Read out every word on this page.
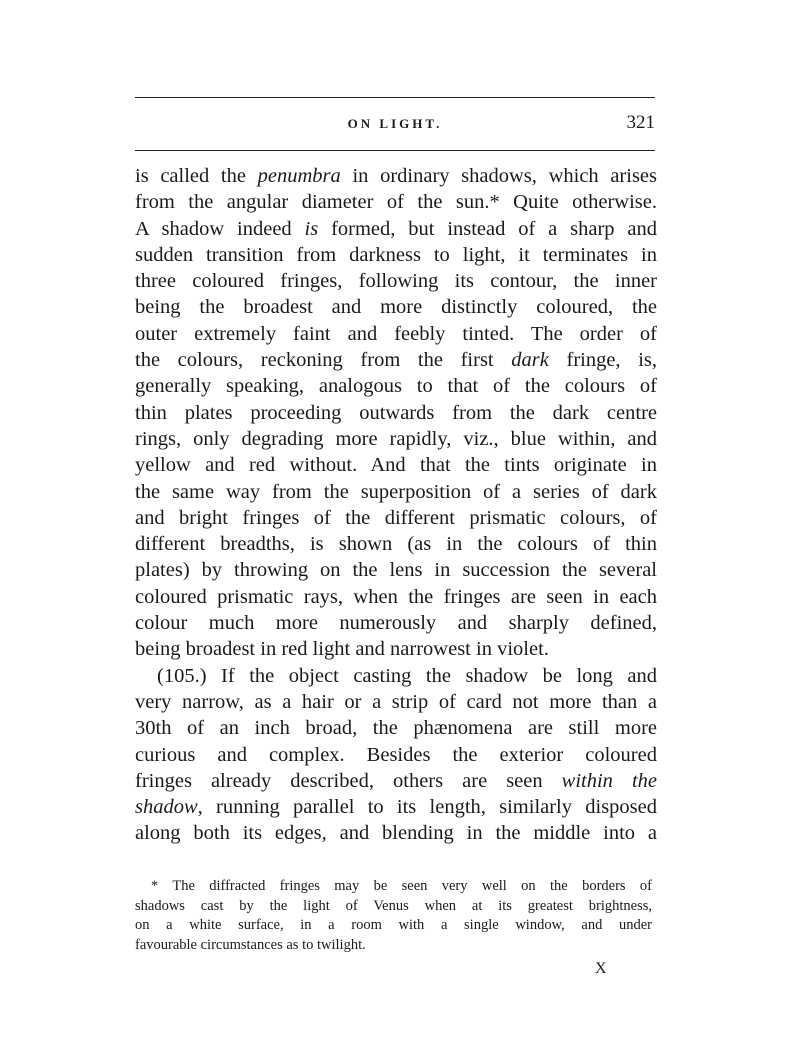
ON LIGHT.	321
is called the penumbra in ordinary shadows, which arises
from the angular diameter of the sun.* Quite otherwise.
A shadow indeed is formed, but instead of a sharp and
sudden transition from darkness to light, it terminates in
three coloured fringes, following its contour, the inner
being the broadest and more distinctly coloured, the
outer extremely faint and feebly tinted. The order of
the colours, reckoning from the first dark fringe, is,
generally speaking, analogous to that of the colours of
thin plates proceeding outwards from the dark centre
rings, only degrading more rapidly, viz., blue within, and
yellow and red without. And that the tints originate in
the same way from the superposition of a series of dark
and bright fringes of the different prismatic colours, of
different breadths, is shown (as in the colours of thin
plates) by throwing on the lens in succession the several
coloured prismatic rays, when the fringes are seen in each
colour much more numerously and sharply defined,
being broadest in red light and narrowest in violet.
(105.) If the object casting the shadow be long and
very narrow, as a hair or a strip of card not more than a
30th of an inch broad, the phænomena are still more
curious and complex. Besides the exterior coloured
fringes already described, others are seen within the
shadow, running parallel to its length, similarly disposed
along both its edges, and blending in the middle into a
* The diffracted fringes may be seen very well on the borders of
shadows cast by the light of Venus when at its greatest brightness,
on a white surface, in a room with a single window, and under
favourable circumstances as to twilight.
X
